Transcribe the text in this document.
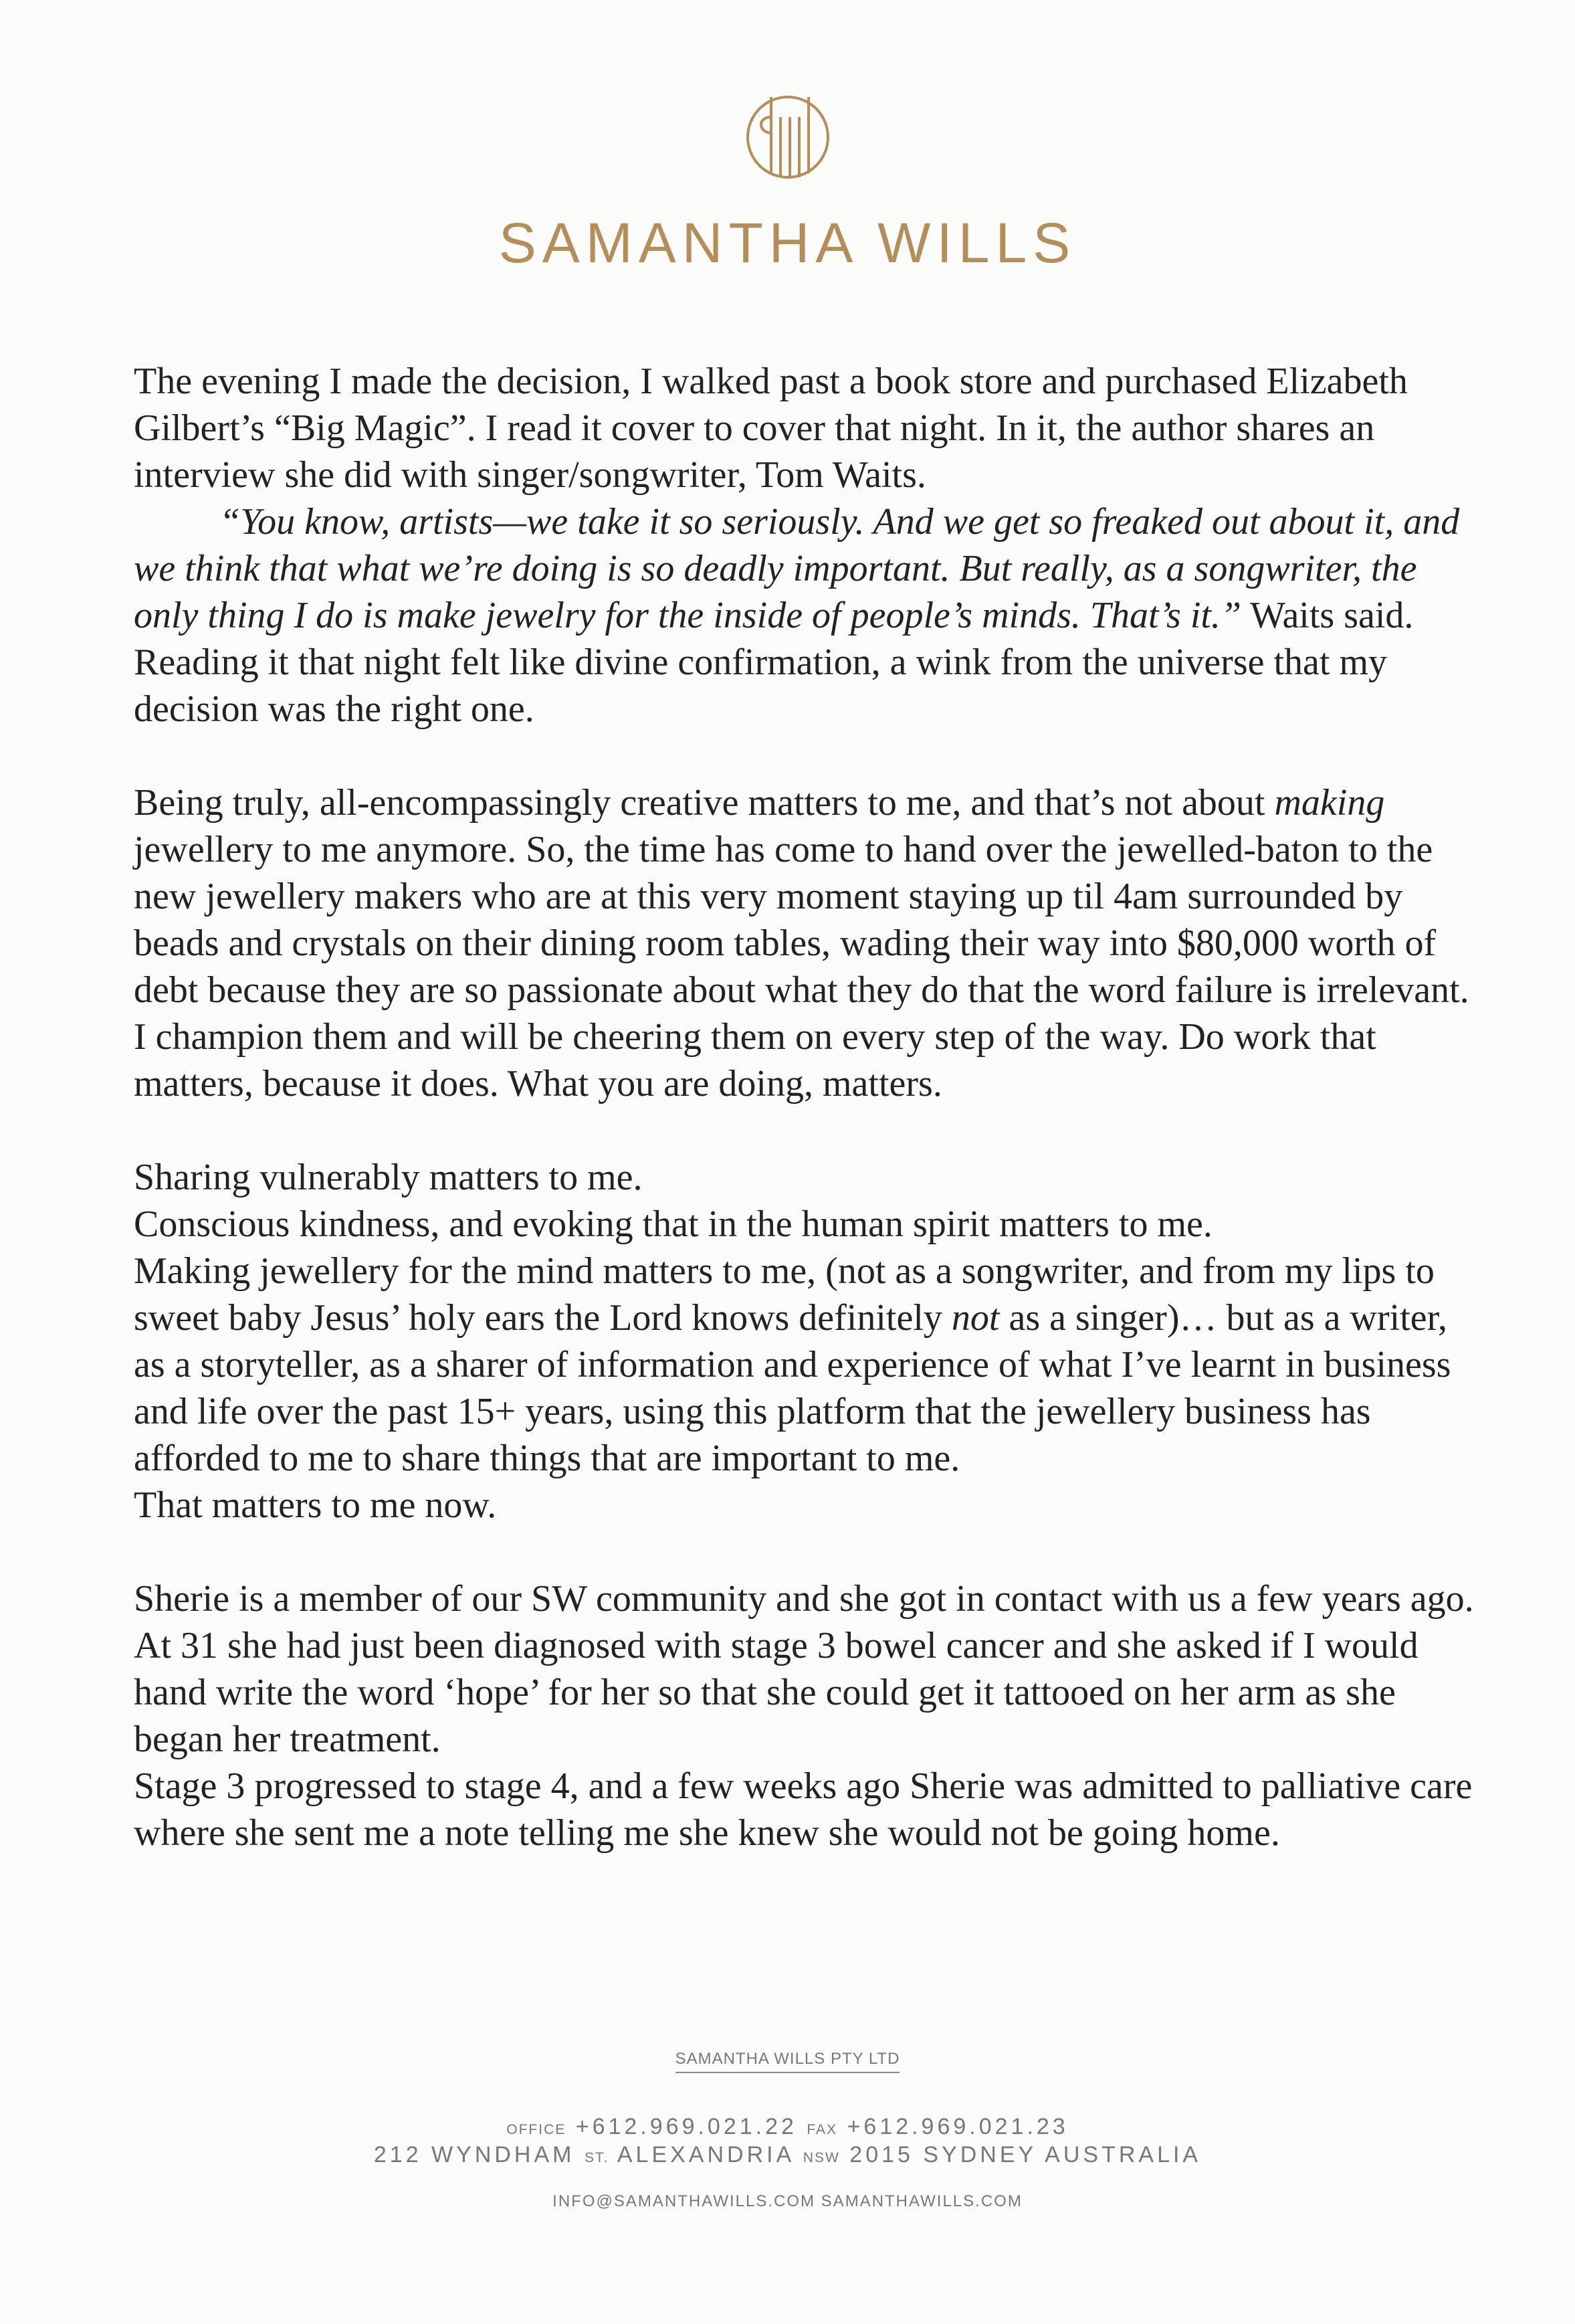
SAMANTHA WILLS

The evening I made the decision, I walked past a book store and purchased Elizabeth Gilbert’s “Big Magic”. I read it cover to cover that night. In it, the author shares an interview she did with singer/songwriter, Tom Waits.
“You know, artists—we take it so seriously. And we get so freaked out about it, and we think that what we’re doing is so deadly important. But really, as a songwriter, the only thing I do is make jewelry for the inside of people’s minds. That’s it.” Waits said. Reading it that night felt like divine confirmation, a wink from the universe that my decision was the right one.

Being truly, all-encompassingly creative matters to me, and that’s not about making jewellery to me anymore. So, the time has come to hand over the jewelled-baton to the new jewellery makers who are at this very moment staying up til 4am surrounded by beads and crystals on their dining room tables, wading their way into $80,000 worth of debt because they are so passionate about what they do that the word failure is irrelevant. I champion them and will be cheering them on every step of the way. Do work that matters, because it does. What you are doing, matters.

Sharing vulnerably matters to me.

Conscious kindness, and evoking that in the human spirit matters to me.

Making jewellery for the mind matters to me, (not as a songwriter, and from my lips to sweet baby Jesus’ holy ears the Lord knows definitely not as a singer)… but as a writer, as a storyteller, as a sharer of information and experience of what I’ve learnt in business and life over the past 15+ years, using this platform that the jewellery business has afforded to me to share things that are important to me.

That matters to me now.

Sherie is a member of our SW community and she got in contact with us a few years ago. At 31 she had just been diagnosed with stage 3 bowel cancer and she asked if I would hand write the word ‘hope’ for her so that she could get it tattooed on her arm as she began her treatment.

Stage 3 progressed to stage 4, and a few weeks ago Sherie was admitted to palliative care where she sent me a note telling me she knew she would not be going home.

SAMANTHA WILLS PTY LTD
OFFICE +612.969.021.22 FAX +612.969.021.23
212 WYNDHAM ST. ALEXANDRIA NSW 2015 SYDNEY AUSTRALIA
INFO@SAMANTHAWILLS.COM SAMANTHAWILLS.COM
